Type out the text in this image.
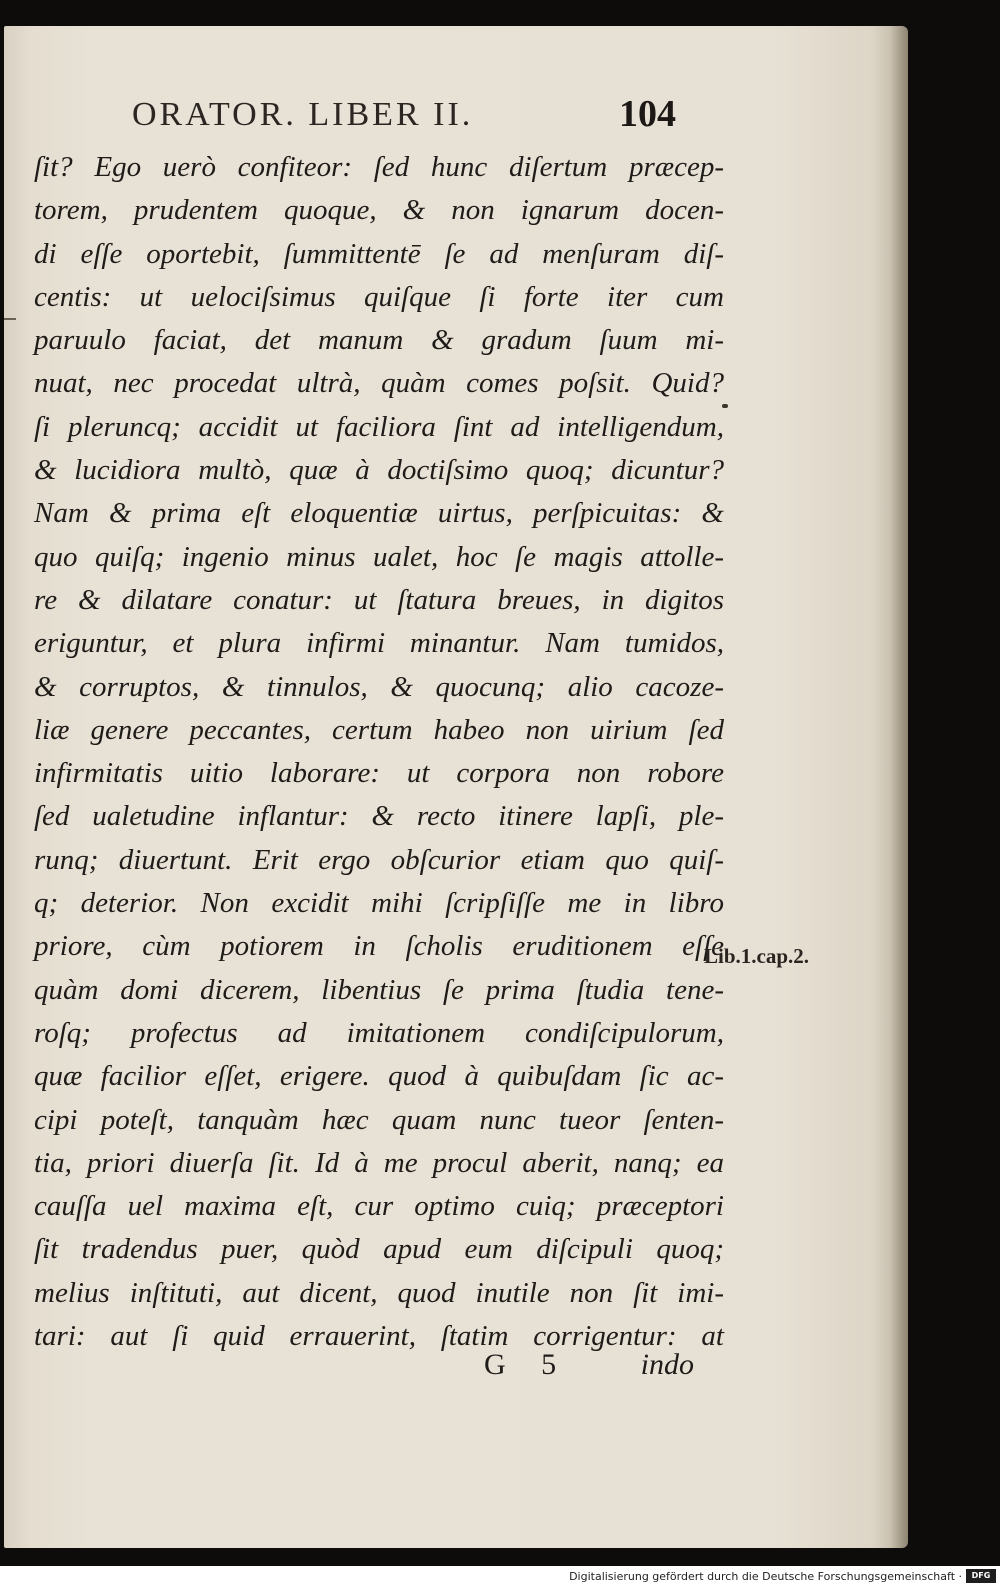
ORATOR. LIBER II.	104
ſit? Ego uerò confiteor: ſed hunc diſertum præcep-
torem, prudentem quoque, & non ignarum docen-
di eſſe oportebit, ſummittentē ſe ad menſuram diſ-
centis: ut uelociſsimus quiſque ſi forte iter cum
paruulo faciat, det manum & gradum ſuum mi-
nuat, nec procedat ultrà, quàm comes poſsit. Quid?
ſi pleruncq; accidit ut faciliora ſint ad intelligendum,
& lucidiora multò, quæ à doctiſsimo quoq; dicuntur?
Nam & prima eſt eloquentiæ uirtus, perſpicuitas: &
quo quiſq; ingenio minus ualet, hoc ſe magis attolle-
re & dilatare conatur: ut ſtatura breues, in digitos
eriguntur, et plura infirmi minantur. Nam tumidos,
& corruptos, & tinnulos, & quocunq; alio cacoze-
liæ genere peccantes, certum habeo non uirium ſed
infirmitatis uitio laborare: ut corpora non robore
ſed ualetudine inflantur: & recto itinere lapſi, ple-
runq; diuertunt. Erit ergo obſcurior etiam quo quiſ-
q; deterior. Non excidit mihi ſcripſiſſe me in libro
priore, cùm potiorem in ſcholis eruditionem eſſe
quàm domi dicerem, libentius ſe prima ſtudia tene-
roſq; profectus ad imitationem condiſcipulorum,
quæ facilior eſſet, erigere. quod à quibuſdam ſic ac-
cipi poteſt, tanquàm hæc quam nunc tueor ſenten-
tia, priori diuerſa ſit. Id à me procul aberit, nanq; ea
cauſſa uel maxima eſt, cur optimo cuiq; præceptori
ſit tradendus puer, quòd apud eum diſcipuli quoq;
melius inſtituti, aut dicent, quod inutile non ſit imi-
tari: aut ſi quid errauerint, ſtatim corrigentur: at
G 5 indo
Lib.1.cap.2.
Digitalisierung gefördert durch die Deutsche Forschungsgemeinschaft ·	DFG
